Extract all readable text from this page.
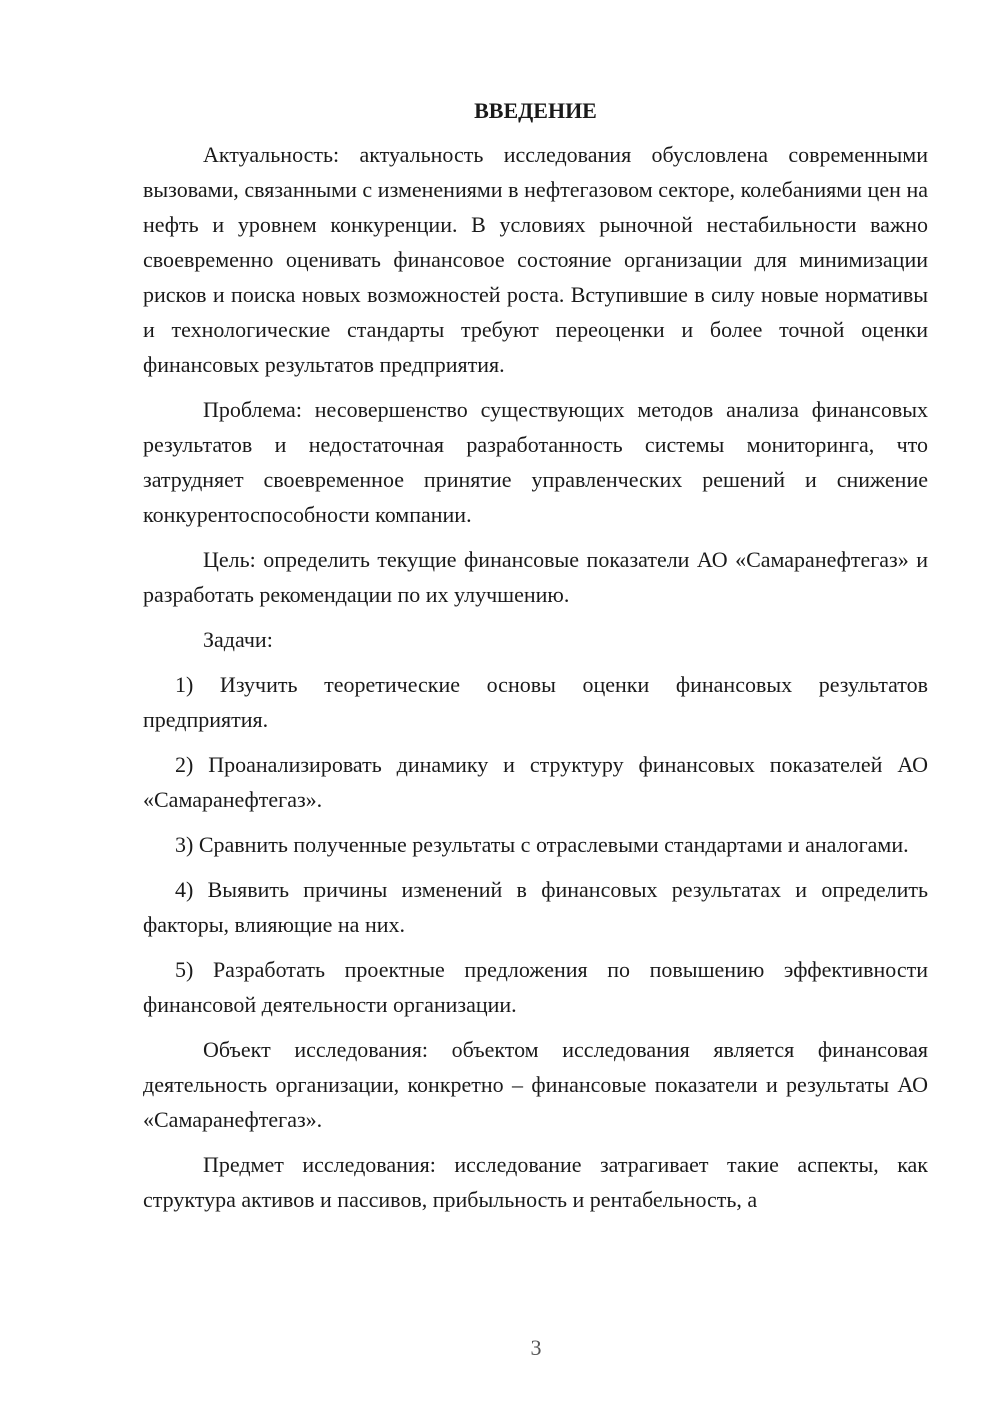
ВВЕДЕНИЕ

Актуальность: актуальность исследования обусловлена современными вызовами, связанными с изменениями в нефтегазовом секторе, колебаниями цен на нефть и уровнем конкуренции. В условиях рыночной нестабильности важно своевременно оценивать финансовое состояние организации для минимизации рисков и поиска новых возможностей роста. Вступившие в силу новые нормативы и технологические стандарты требуют переоценки и более точной оценки финансовых результатов предприятия.

Проблема: несовершенство существующих методов анализа финансовых результатов и недостаточная разработанность системы мониторинга, что затрудняет своевременное принятие управленческих решений и снижение конкурентоспособности компании.

Цель: определить текущие финансовые показатели АО «Самаранефтегаз» и разработать рекомендации по их улучшению.

Задачи:

1) Изучить теоретические основы оценки финансовых результатов предприятия.

2) Проанализировать динамику и структуру финансовых показателей АО «Самаранефтегаз».

3) Сравнить полученные результаты с отраслевыми стандартами и аналогами.

4) Выявить причины изменений в финансовых результатах и определить факторы, влияющие на них.

5) Разработать проектные предложения по повышению эффективности финансовой деятельности организации.

Объект исследования: объектом исследования является финансовая деятельность организации, конкретно – финансовые показатели и результаты АО «Самаранефтегаз».

Предмет исследования: исследование затрагивает такие аспекты, как структура активов и пассивов, прибыльность и рентабельность, а

3
